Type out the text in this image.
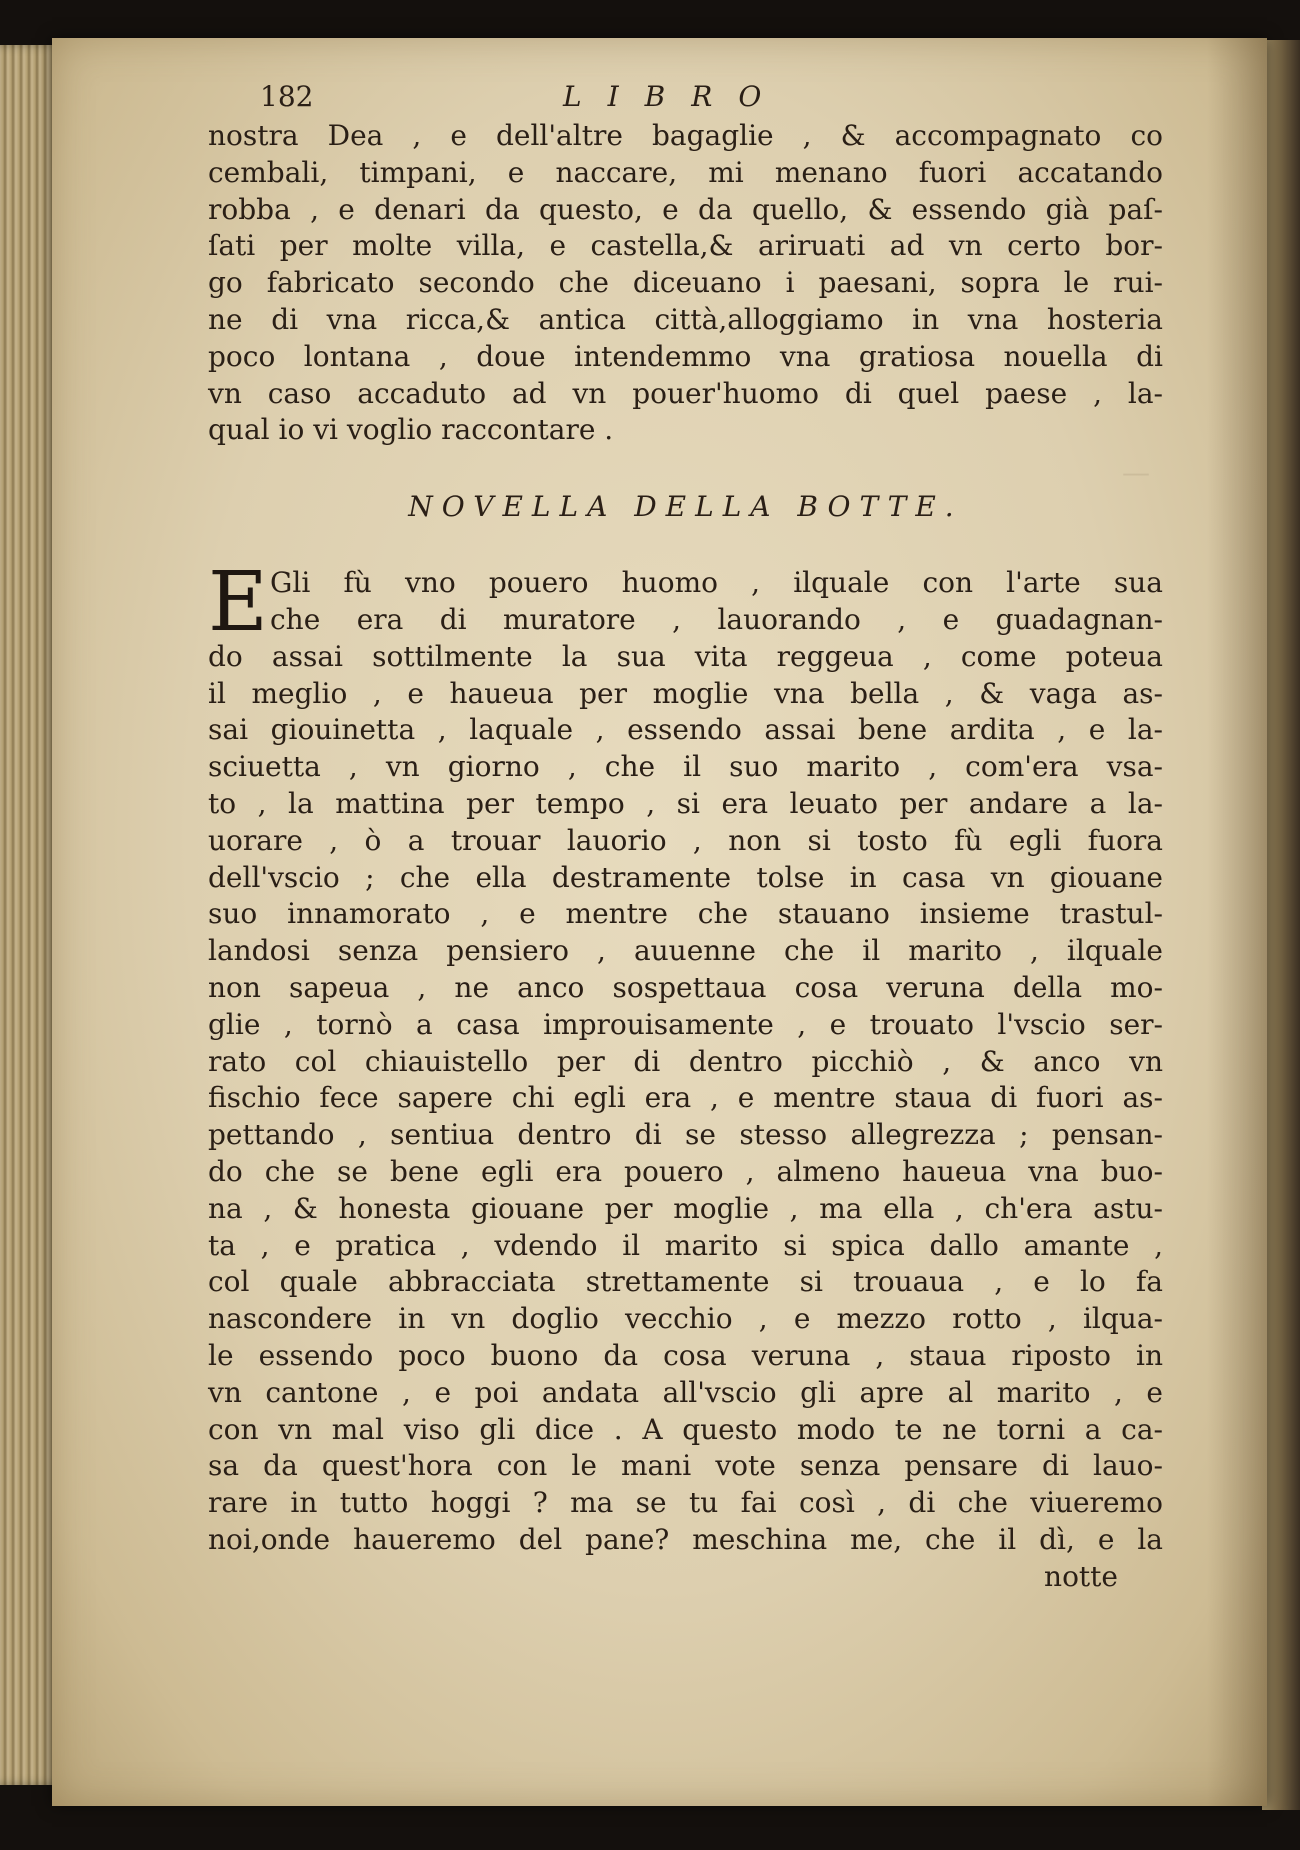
—
182	LIBRO
nostra Dea , e dell'altre bagaglie , & accompagnato co
cembali, timpani, e naccare, mi menano fuori accatando
robba , e denari da questo, e da quello, & essendo già paſ-
ſati per molte villa, e castella,& ariruati ad vn certo bor-
go fabricato secondo che diceuano i paesani, sopra le rui-
ne di vna ricca,& antica città,alloggiamo in vna hosteria
poco lontana , doue intendemmo vna gratiosa nouella di
vn caso accaduto ad vn pouer'huomo di quel paese , la-
qual io vi voglio raccontare .
NOVELLA DELLA BOTTE.
E Gli fù vno pouero huomo , ilquale con l'arte sua
che era di muratore , lauorando , e guadagnan-
do assai sottilmente la sua vita reggeua , come poteua
il meglio , e haueua per moglie vna bella , & vaga as-
sai giouinetta , laquale , essendo assai bene ardita , e la-
sciuetta , vn giorno , che il suo marito , com'era vsa-
to , la mattina per tempo , si era leuato per andare a la-
uorare , ò a trouar lauorio , non si tosto fù egli fuora
dell'vscio ; che ella destramente tolse in casa vn giouane
suo innamorato , e mentre che stauano insieme trastul-
landosi senza pensiero , auuenne che il marito , ilquale
non sapeua , ne anco sospettaua cosa veruna della mo-
glie , tornò a casa improuisamente , e trouato l'vscio ser-
rato col chiauistello per di dentro picchiò , & anco vn
fischio fece sapere chi egli era , e mentre staua di fuori as-
pettando , sentiua dentro di se stesso allegrezza ; pensan-
do che se bene egli era pouero , almeno haueua vna buo-
na , & honesta giouane per moglie , ma ella , ch'era astu-
ta , e pratica , vdendo il marito si spica dallo amante ,
col quale abbracciata strettamente si trouaua , e lo fa
nascondere in vn doglio vecchio , e mezzo rotto , ilqua-
le essendo poco buono da cosa veruna , staua riposto in
vn cantone , e poi andata all'vscio gli apre al marito , e
con vn mal viso gli dice . A questo modo te ne torni a ca-
sa da quest'hora con le mani vote senza pensare di lauo-
rare in tutto hoggi ? ma se tu fai così , di che viueremo
noi,onde haueremo del pane? meschina me, che il dì, e la
notte
